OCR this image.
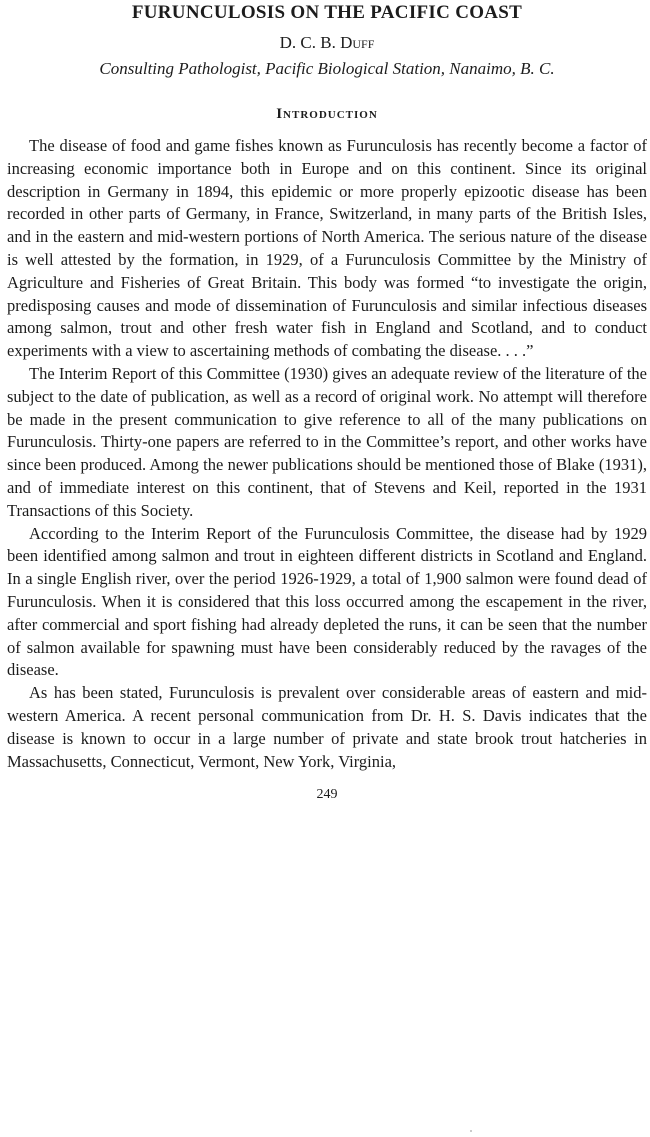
FURUNCULOSIS ON THE PACIFIC COAST

D. C. B. Duff

Consulting Pathologist, Pacific Biological Station, Nanaimo, B. C.

Introduction

The disease of food and game fishes known as Furunculosis has recently become a factor of increasing economic importance both in Europe and on this continent. Since its original description in Germany in 1894, this epidemic or more properly epizootic disease has been recorded in other parts of Germany, in France, Switzerland, in many parts of the British Isles, and in the eastern and mid-western portions of North America. The serious nature of the disease is well attested by the formation, in 1929, of a Furunculosis Committee by the Ministry of Agriculture and Fisheries of Great Britain. This body was formed “to investigate the origin, predisposing causes and mode of dissemination of Furunculosis and similar infectious diseases among salmon, trout and other fresh water fish in England and Scotland, and to conduct experiments with a view to ascertaining methods of combating the disease. . . .”

The Interim Report of this Committee (1930) gives an adequate review of the literature of the subject to the date of publication, as well as a record of original work. No attempt will therefore be made in the present communication to give reference to all of the many publications on Furunculosis. Thirty-one papers are referred to in the Committee’s report, and other works have since been produced. Among the newer publications should be mentioned those of Blake (1931), and of immediate interest on this continent, that of Stevens and Keil, reported in the 1931 Transactions of this Society.

According to the Interim Report of the Furunculosis Committee, the disease had by 1929 been identified among salmon and trout in eighteen different districts in Scotland and England. In a single English river, over the period 1926-1929, a total of 1,900 salmon were found dead of Furunculosis. When it is considered that this loss occurred among the escapement in the river, after commercial and sport fishing had already depleted the runs, it can be seen that the number of salmon available for spawning must have been considerably reduced by the ravages of the disease.

As has been stated, Furunculosis is prevalent over considerable areas of eastern and mid-western America. A recent personal communication from Dr. H. S. Davis indicates that the disease is known to occur in a large number of private and state brook trout hatcheries in Massachusetts, Connecticut, Vermont, New York, Virginia,

249
